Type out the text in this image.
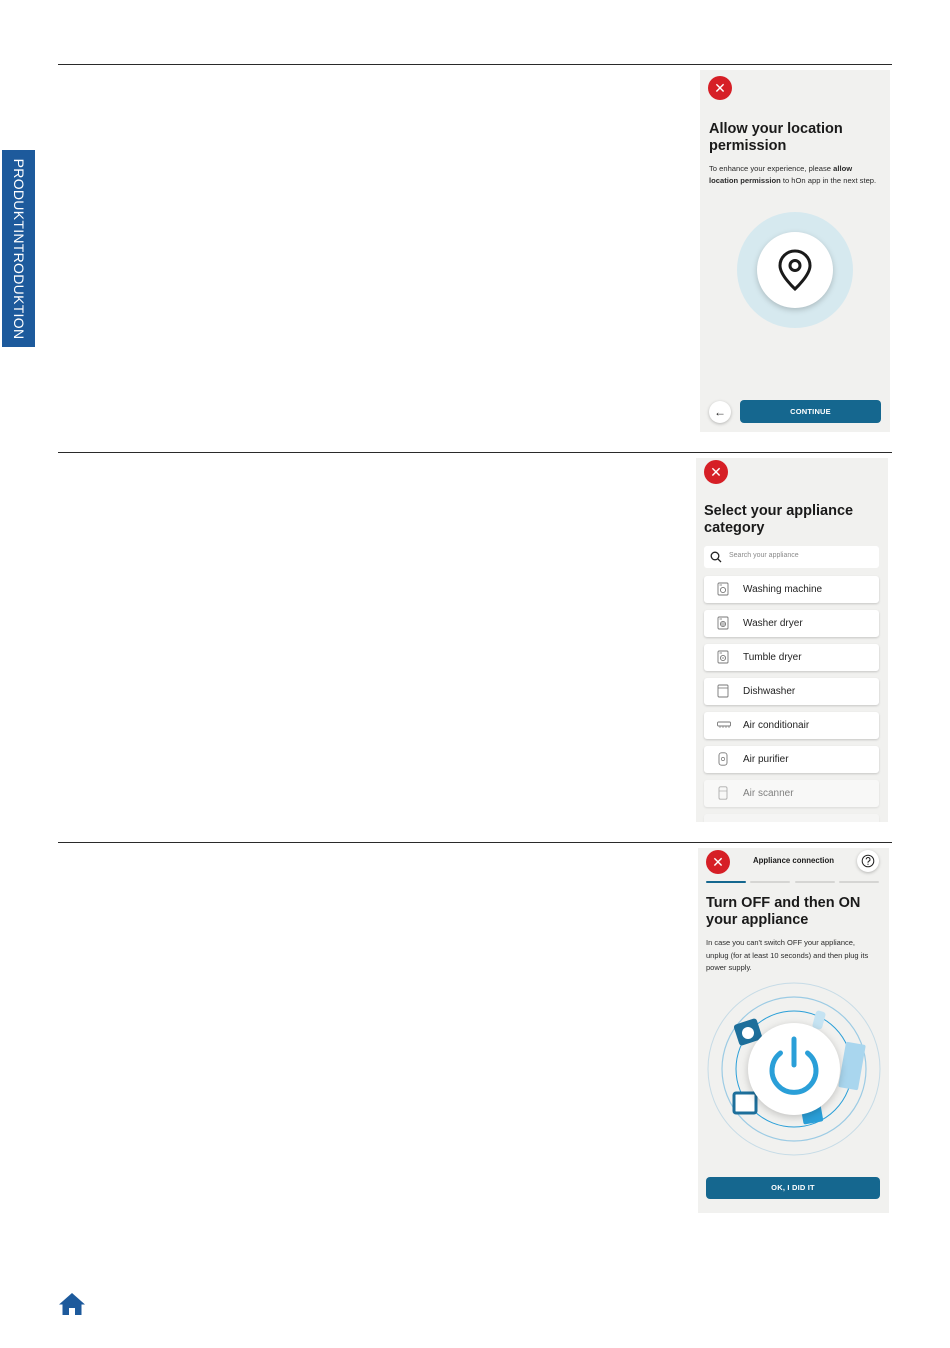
PRODUKTINTRODUKTION
✕
Allow your location
permission
To enhance your experience, please allow location permission to hOn app in the next step.
←	CONTINUE
✕
Select your appliance
category
Search your appliance
Washing machine
Washer dryer
Tumble dryer
Dishwasher
Air conditionair
Air purifier
Air scanner
✕	Appliance connection
Turn OFF and then ON
your appliance
In case you can't switch OFF your appliance, unplug (for at least 10 seconds) and then plug its power supply.
OK, I DID IT
